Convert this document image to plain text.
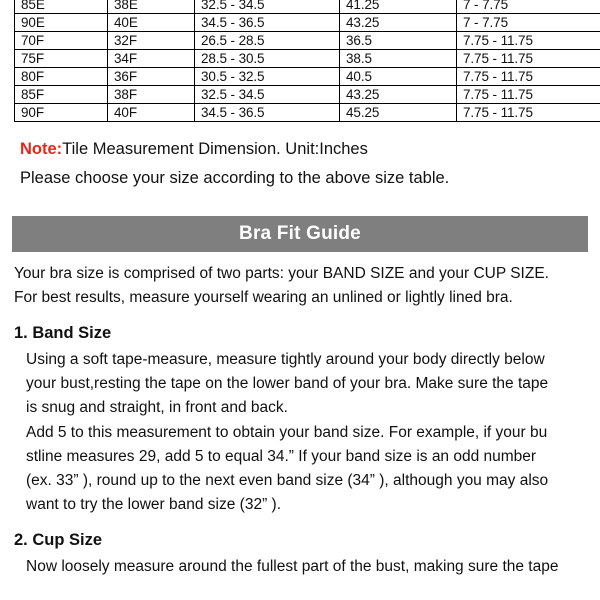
85E	38E	32.5 - 34.5	41.25	7 - 7.75
90E	40E	34.5 - 36.5	43.25	7 - 7.75
70F	32F	26.5 - 28.5	36.5	7.75 - 11.75
75F	34F	28.5 - 30.5	38.5	7.75 - 11.75
80F	36F	30.5 - 32.5	40.5	7.75 - 11.75
85F	38F	32.5 - 34.5	43.25	7.75 - 11.75
90F	40F	34.5 - 36.5	45.25	7.75 - 11.75
Note:Tile Measurement Dimension. Unit:Inches
Please choose your size according to the above size table.
Bra Fit Guide
Your bra size is comprised of two parts: your BAND SIZE and your CUP SIZE.
For best results, measure yourself wearing an unlined or lightly lined bra.
1. Band Size
Using a soft tape-measure, measure tightly around your body directly below
your bust,resting the tape on the lower band of your bra. Make sure the tape
is snug and straight, in front and back.
Add 5 to this measurement to obtain your band size. For example, if your bu
stline measures 29, add 5 to equal 34.” If your band size is an odd number
(ex. 33” ), round up to the next even band size (34” ), although you may also
want to try the lower band size (32” ).
2. Cup Size
Now loosely measure around the fullest part of the bust, making sure the tape
